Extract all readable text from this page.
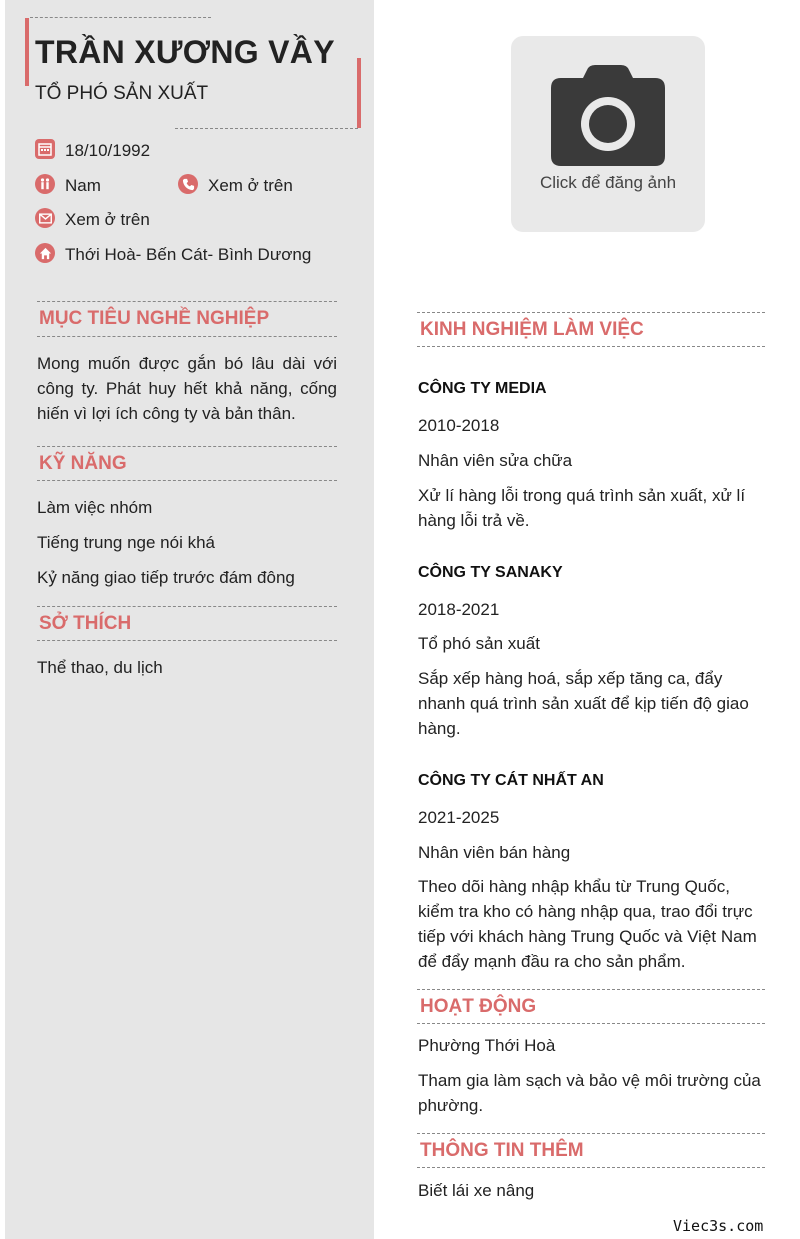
TRẦN XƯƠNG VẦY
TỔ PHÓ SẢN XUẤT
18/10/1992
Nam	Xem ở trên
Xem ở trên
Thới Hoà- Bến Cát- Bình Dương
MỤC TIÊU NGHỀ NGHIỆP
Mong muốn được gắn bó lâu dài với công ty. Phát huy hết khả năng, cống hiến vì lợi ích công ty và bản thân.
KỸ NĂNG
Làm việc nhóm
Tiếng trung nge nói khá
Kỷ năng giao tiếp trước đám đông
SỞ THÍCH
Thể thao, du lịch
Click để đăng ảnh
KINH NGHIỆM LÀM VIỆC
CÔNG TY MEDIA
2010-2018
Nhân viên sửa chữa
Xử lí hàng lỗi trong quá trình sản xuất, xử lí hàng lỗi trả về.
CÔNG TY SANAKY
2018-2021
Tổ phó sản xuất
Sắp xếp hàng hoá, sắp xếp tăng ca, đẩy nhanh quá trình sản xuất để kịp tiến độ giao hàng.
CÔNG TY CÁT NHẤT AN
2021-2025
Nhân viên bán hàng
Theo dõi hàng nhập khẩu từ Trung Quốc, kiểm tra kho có hàng nhập qua, trao đổi trực tiếp với khách hàng Trung Quốc và Việt Nam để đẩy mạnh đầu ra cho sản phẩm.
HOẠT ĐỘNG
Phường Thới Hoà
Tham gia làm sạch và bảo vệ môi trường của phường.
THÔNG TIN THÊM
Biết lái xe nâng
Viec3s.com
